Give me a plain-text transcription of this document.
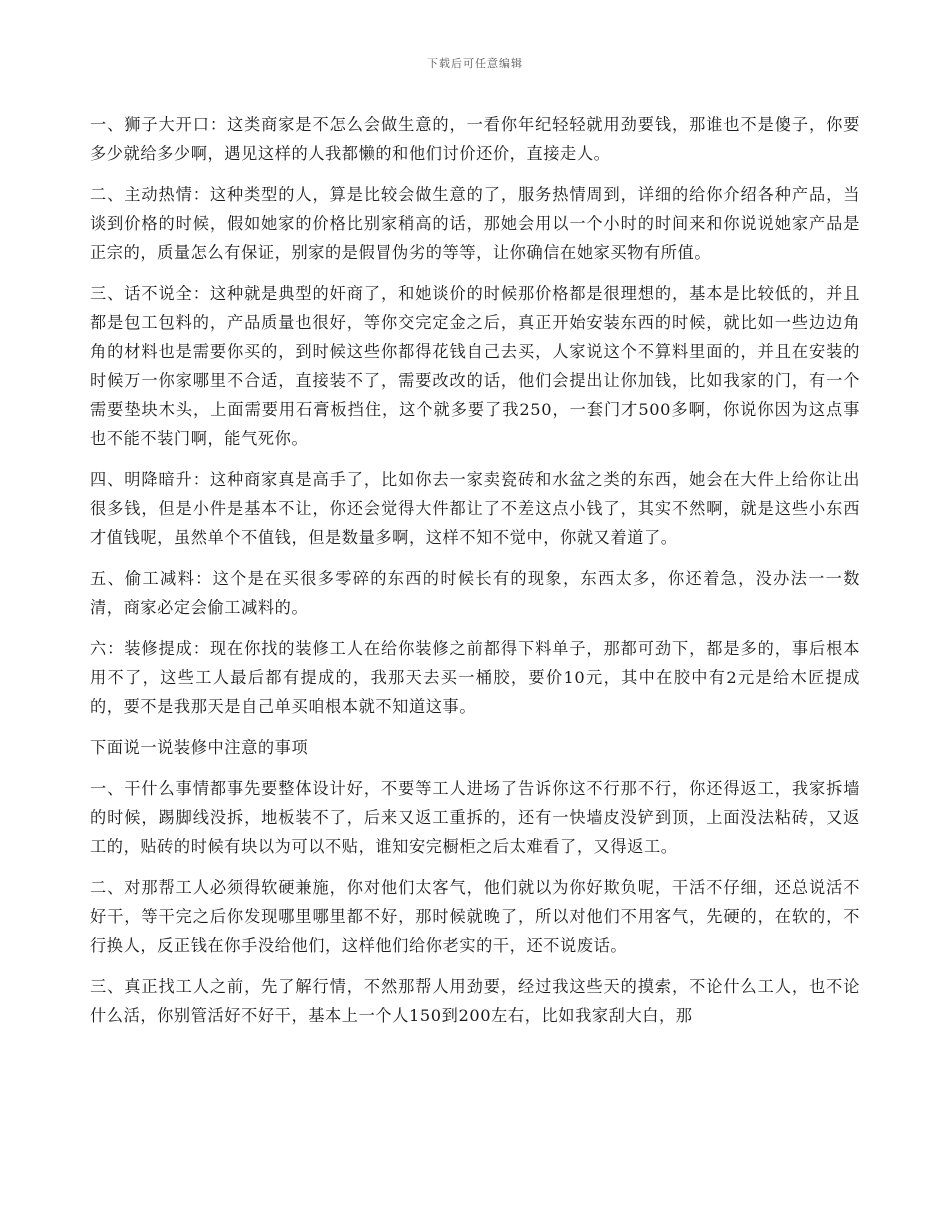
下载后可任意编辑

一、狮子大开口：这类商家是不怎么会做生意的，一看你年纪轻轻就用劲要钱，那谁也不是傻子，你要多少就给多少啊，遇见这样的人我都懒的和他们讨价还价，直接走人。

二、主动热情：这种类型的人，算是比较会做生意的了，服务热情周到，详细的给你介绍各种产品，当谈到价格的时候，假如她家的价格比别家稍高的话，那她会用以一个小时的时间来和你说说她家产品是正宗的，质量怎么有保证，别家的是假冒伪劣的等等，让你确信在她家买物有所值。

三、话不说全：这种就是典型的奸商了，和她谈价的时候那价格都是很理想的，基本是比较低的，并且都是包工包料的，产品质量也很好，等你交完定金之后，真正开始安装东西的时候，就比如一些边边角角的材料也是需要你买的，到时候这些你都得花钱自己去买，人家说这个不算料里面的，并且在安装的时候万一你家哪里不合适，直接装不了，需要改改的话，他们会提出让你加钱，比如我家的门，有一个需要垫块木头，上面需要用石膏板挡住，这个就多要了我250，一套门才500多啊，你说你因为这点事也不能不装门啊，能气死你。

四、明降暗升：这种商家真是高手了，比如你去一家卖瓷砖和水盆之类的东西，她会在大件上给你让出很多钱，但是小件是基本不让，你还会觉得大件都让了不差这点小钱了，其实不然啊，就是这些小东西才值钱呢，虽然单个不值钱，但是数量多啊，这样不知不觉中，你就又着道了。

五、偷工减料：这个是在买很多零碎的东西的时候长有的现象，东西太多，你还着急，没办法一一数清，商家必定会偷工减料的。

六：装修提成：现在你找的装修工人在给你装修之前都得下料单子，那都可劲下，都是多的，事后根本用不了，这些工人最后都有提成的，我那天去买一桶胶，要价10元，其中在胶中有2元是给木匠提成的，要不是我那天是自己单买咱根本就不知道这事。

下面说一说装修中注意的事项

一、干什么事情都事先要整体设计好，不要等工人进场了告诉你这不行那不行，你还得返工，我家拆墙的时候，踢脚线没拆，地板装不了，后来又返工重拆的，还有一快墙皮没铲到顶，上面没法粘砖，又返工的，贴砖的时候有块以为可以不贴，谁知安完橱柜之后太难看了，又得返工。

二、对那帮工人必须得软硬兼施，你对他们太客气，他们就以为你好欺负呢，干活不仔细，还总说活不好干，等干完之后你发现哪里哪里都不好，那时候就晚了，所以对他们不用客气，先硬的，在软的，不行换人，反正钱在你手没给他们，这样他们给你老实的干，还不说废话。

三、真正找工人之前，先了解行情，不然那帮人用劲要，经过我这些天的摸索，不论什么工人，也不论什么活，你别管活好不好干，基本上一个人150到200左右，比如我家刮大白，那
